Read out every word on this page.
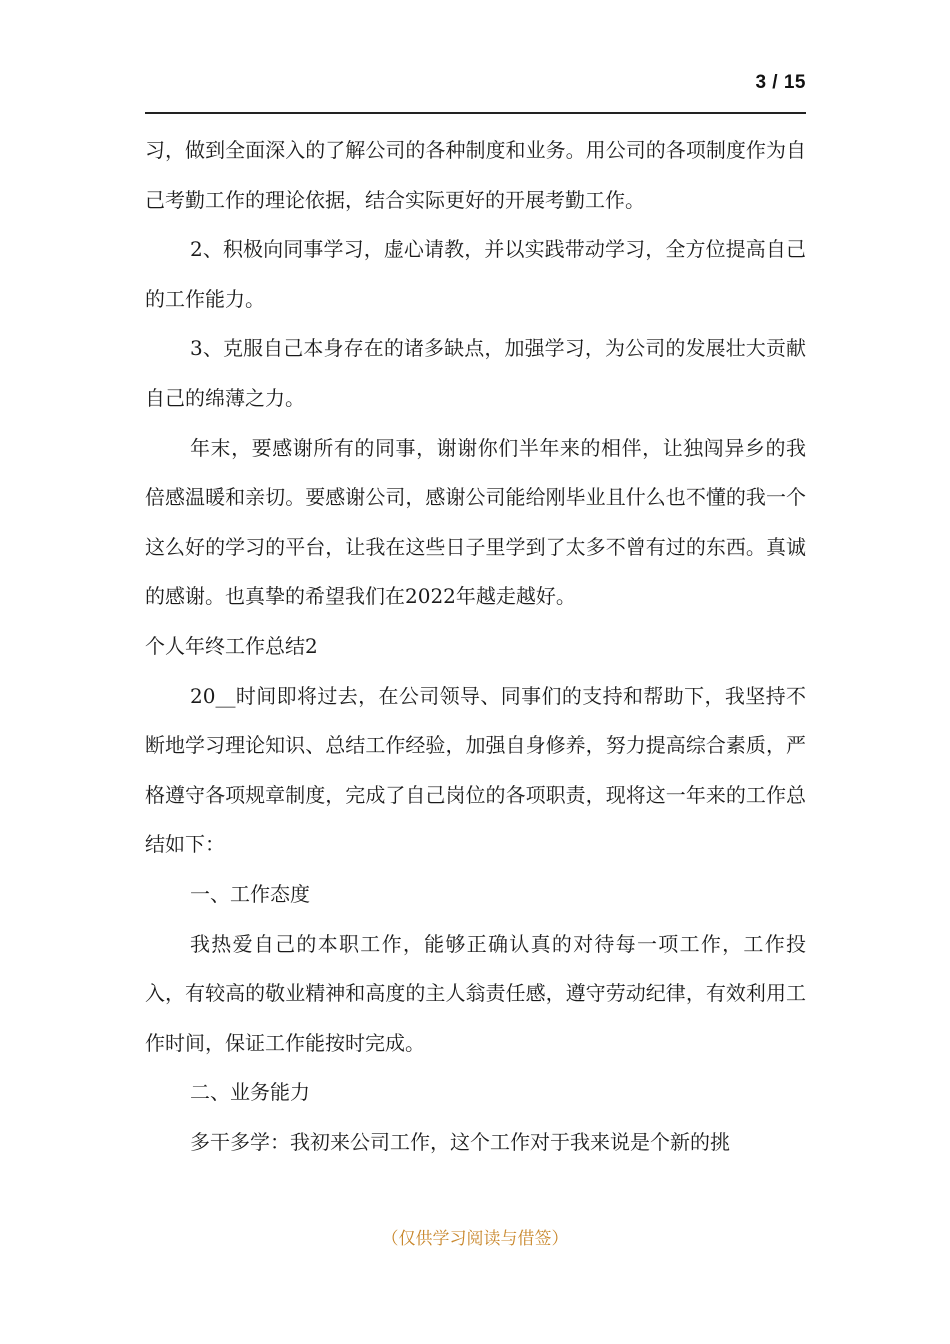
3 / 15

习，做到全面深入的了解公司的各种制度和业务。用公司的各项制度作为自己考勤工作的理论依据，结合实际更好的开展考勤工作。

2、积极向同事学习，虚心请教，并以实践带动学习，全方位提高自己的工作能力。

3、克服自己本身存在的诸多缺点，加强学习，为公司的发展壮大贡献自己的绵薄之力。

年末，要感谢所有的同事，谢谢你们半年来的相伴，让独闯异乡的我倍感温暖和亲切。要感谢公司，感谢公司能给刚毕业且什么也不懂的我一个这么好的学习的平台，让我在这些日子里学到了太多不曾有过的东西。真诚的感谢。也真挚的希望我们在2022年越走越好。

个人年终工作总结2

20__时间即将过去，在公司领导、同事们的支持和帮助下，我坚持不断地学习理论知识、总结工作经验，加强自身修养，努力提高综合素质，严格遵守各项规章制度，完成了自己岗位的各项职责，现将这一年来的工作总结如下：

一、工作态度

我热爱自己的本职工作，能够正确认真的对待每一项工作，工作投入，有较高的敬业精神和高度的主人翁责任感，遵守劳动纪律，有效利用工作时间，保证工作能按时完成。

二、业务能力

多干多学：我初来公司工作，这个工作对于我来说是个新的挑

（仅供学习阅读与借签）
